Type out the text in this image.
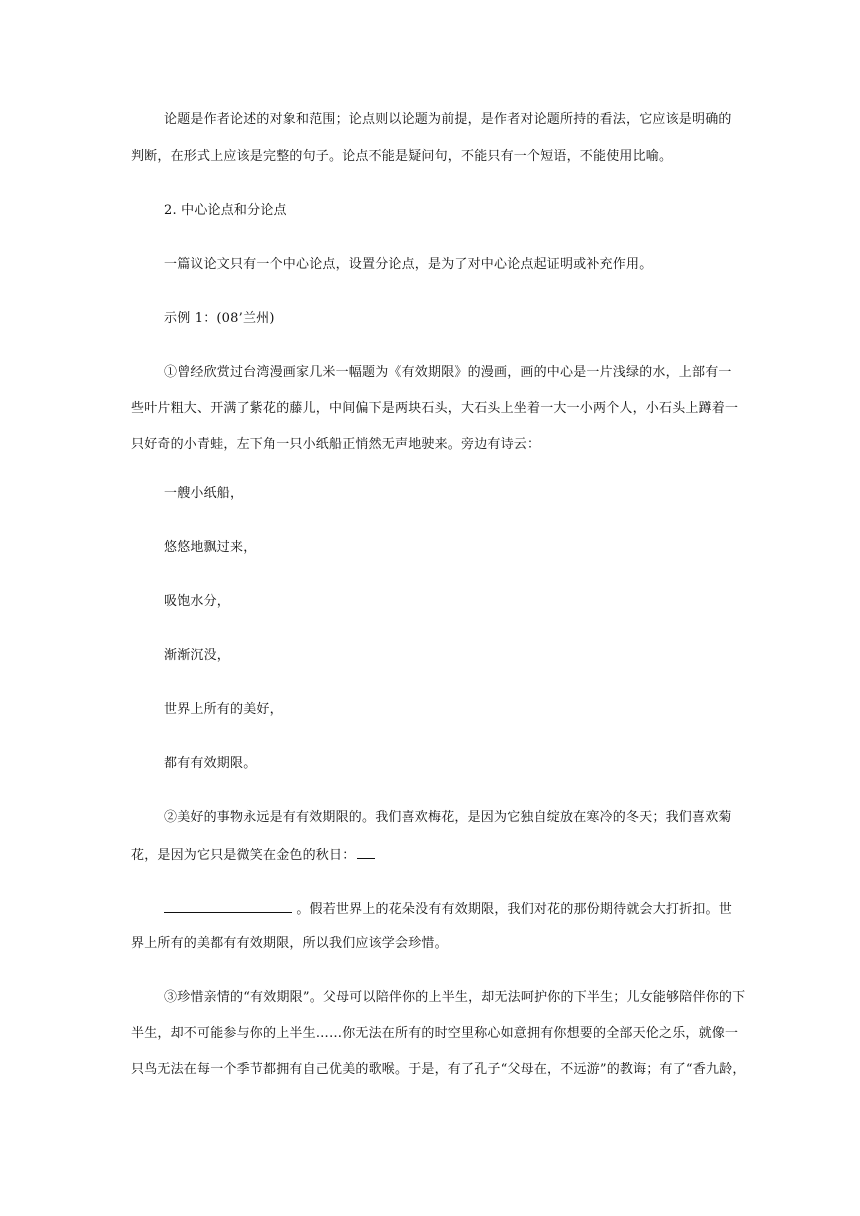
论题是作者论述的对象和范围；论点则以论题为前提，是作者对论题所持的看法，它应该是明确的
判断，在形式上应该是完整的句子。论点不能是疑问句，不能只有一个短语，不能使用比喻。
2. 中心论点和分论点
一篇议论文只有一个中心论点，设置分论点，是为了对中心论点起证明或补充作用。
示例 1：(08’兰州)
①曾经欣赏过台湾漫画家几米一幅题为《有效期限》的漫画，画的中心是一片浅绿的水，上部有一
些叶片粗大、开满了紫花的藤儿，中间偏下是两块石头，大石头上坐着一大一小两个人，小石头上蹲着一
只好奇的小青蛙，左下角一只小纸船正悄然无声地驶来。旁边有诗云：
一艘小纸船，
悠悠地飘过来，
吸饱水分，
渐渐沉没，
世界上所有的美好，
都有有效期限。
②美好的事物永远是有有效期限的。我们喜欢梅花，是因为它独自绽放在寒冷的冬天；我们喜欢菊
花，是因为它只是微笑在金色的秋日：
。假若世界上的花朵没有有效期限，我们对花的那份期待就会大打折扣。世
界上所有的美都有有效期限，所以我们应该学会珍惜。
③珍惜亲情的“有效期限”。父母可以陪伴你的上半生，却无法呵护你的下半生；儿女能够陪伴你的下
半生，却不可能参与你的上半生……你无法在所有的时空里称心如意拥有你想要的全部天伦之乐，就像一
只鸟无法在每一个季节都拥有自己优美的歌喉。于是，有了孔子“父母在，不远游”的教诲；有了“香九龄，
